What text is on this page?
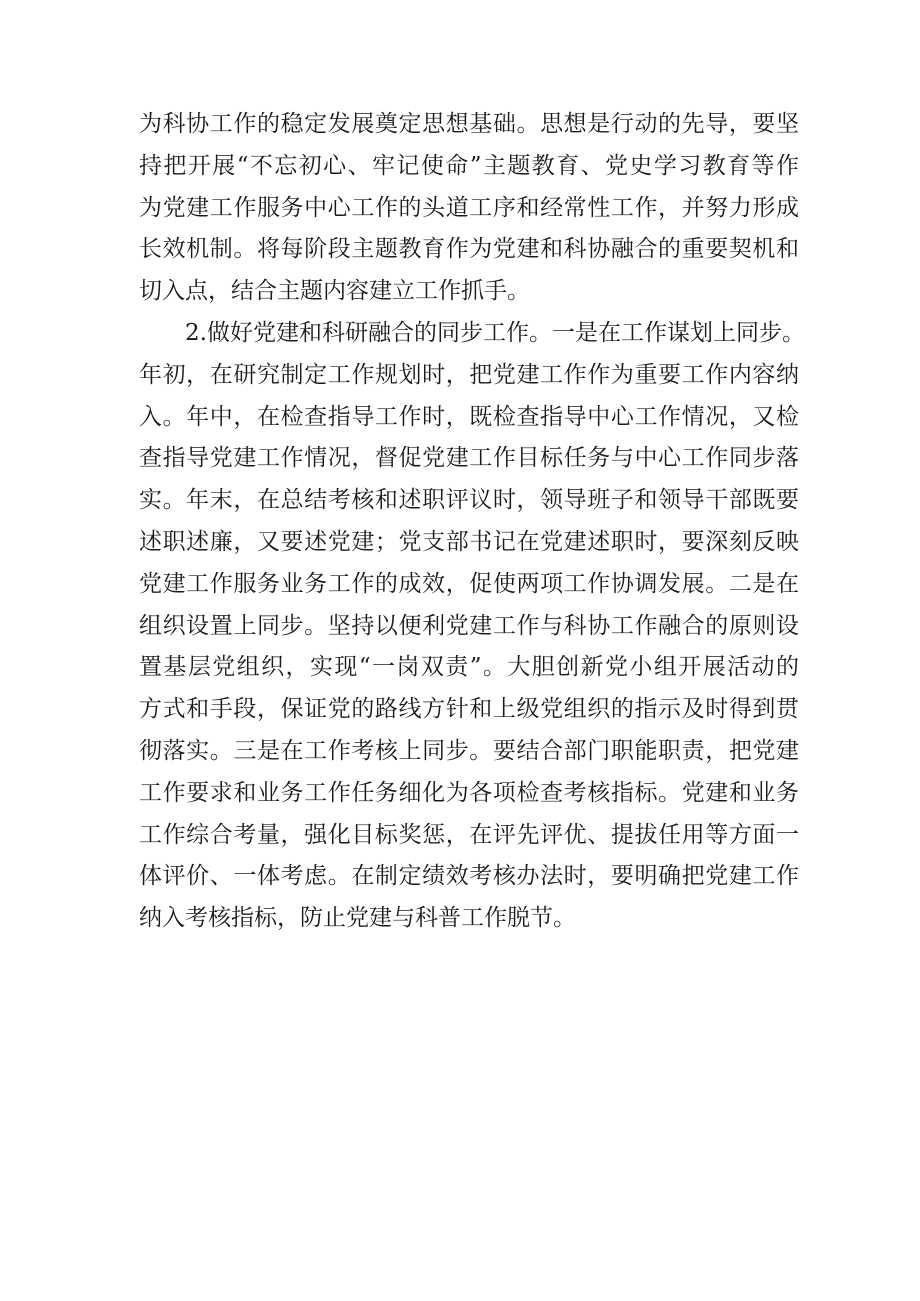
为科协工作的稳定发展奠定思想基础。思想是行动的先导，要坚
持把开展“不忘初心、牢记使命”主题教育、党史学习教育等作
为党建工作服务中心工作的头道工序和经常性工作，并努力形成
长效机制。将每阶段主题教育作为党建和科协融合的重要契机和
切入点，结合主题内容建立工作抓手。
2.做好党建和科研融合的同步工作。一是在工作谋划上同步。
年初，在研究制定工作规划时，把党建工作作为重要工作内容纳
入。年中，在检查指导工作时，既检查指导中心工作情况，又检
查指导党建工作情况，督促党建工作目标任务与中心工作同步落
实。年末，在总结考核和述职评议时，领导班子和领导干部既要
述职述廉，又要述党建；党支部书记在党建述职时，要深刻反映
党建工作服务业务工作的成效，促使两项工作协调发展。二是在
组织设置上同步。坚持以便利党建工作与科协工作融合的原则设
置基层党组织，实现“一岗双责”。大胆创新党小组开展活动的
方式和手段，保证党的路线方针和上级党组织的指示及时得到贯
彻落实。三是在工作考核上同步。要结合部门职能职责，把党建
工作要求和业务工作任务细化为各项检查考核指标。党建和业务
工作综合考量，强化目标奖惩，在评先评优、提拔任用等方面一
体评价、一体考虑。在制定绩效考核办法时，要明确把党建工作
纳入考核指标，防止党建与科普工作脱节。
